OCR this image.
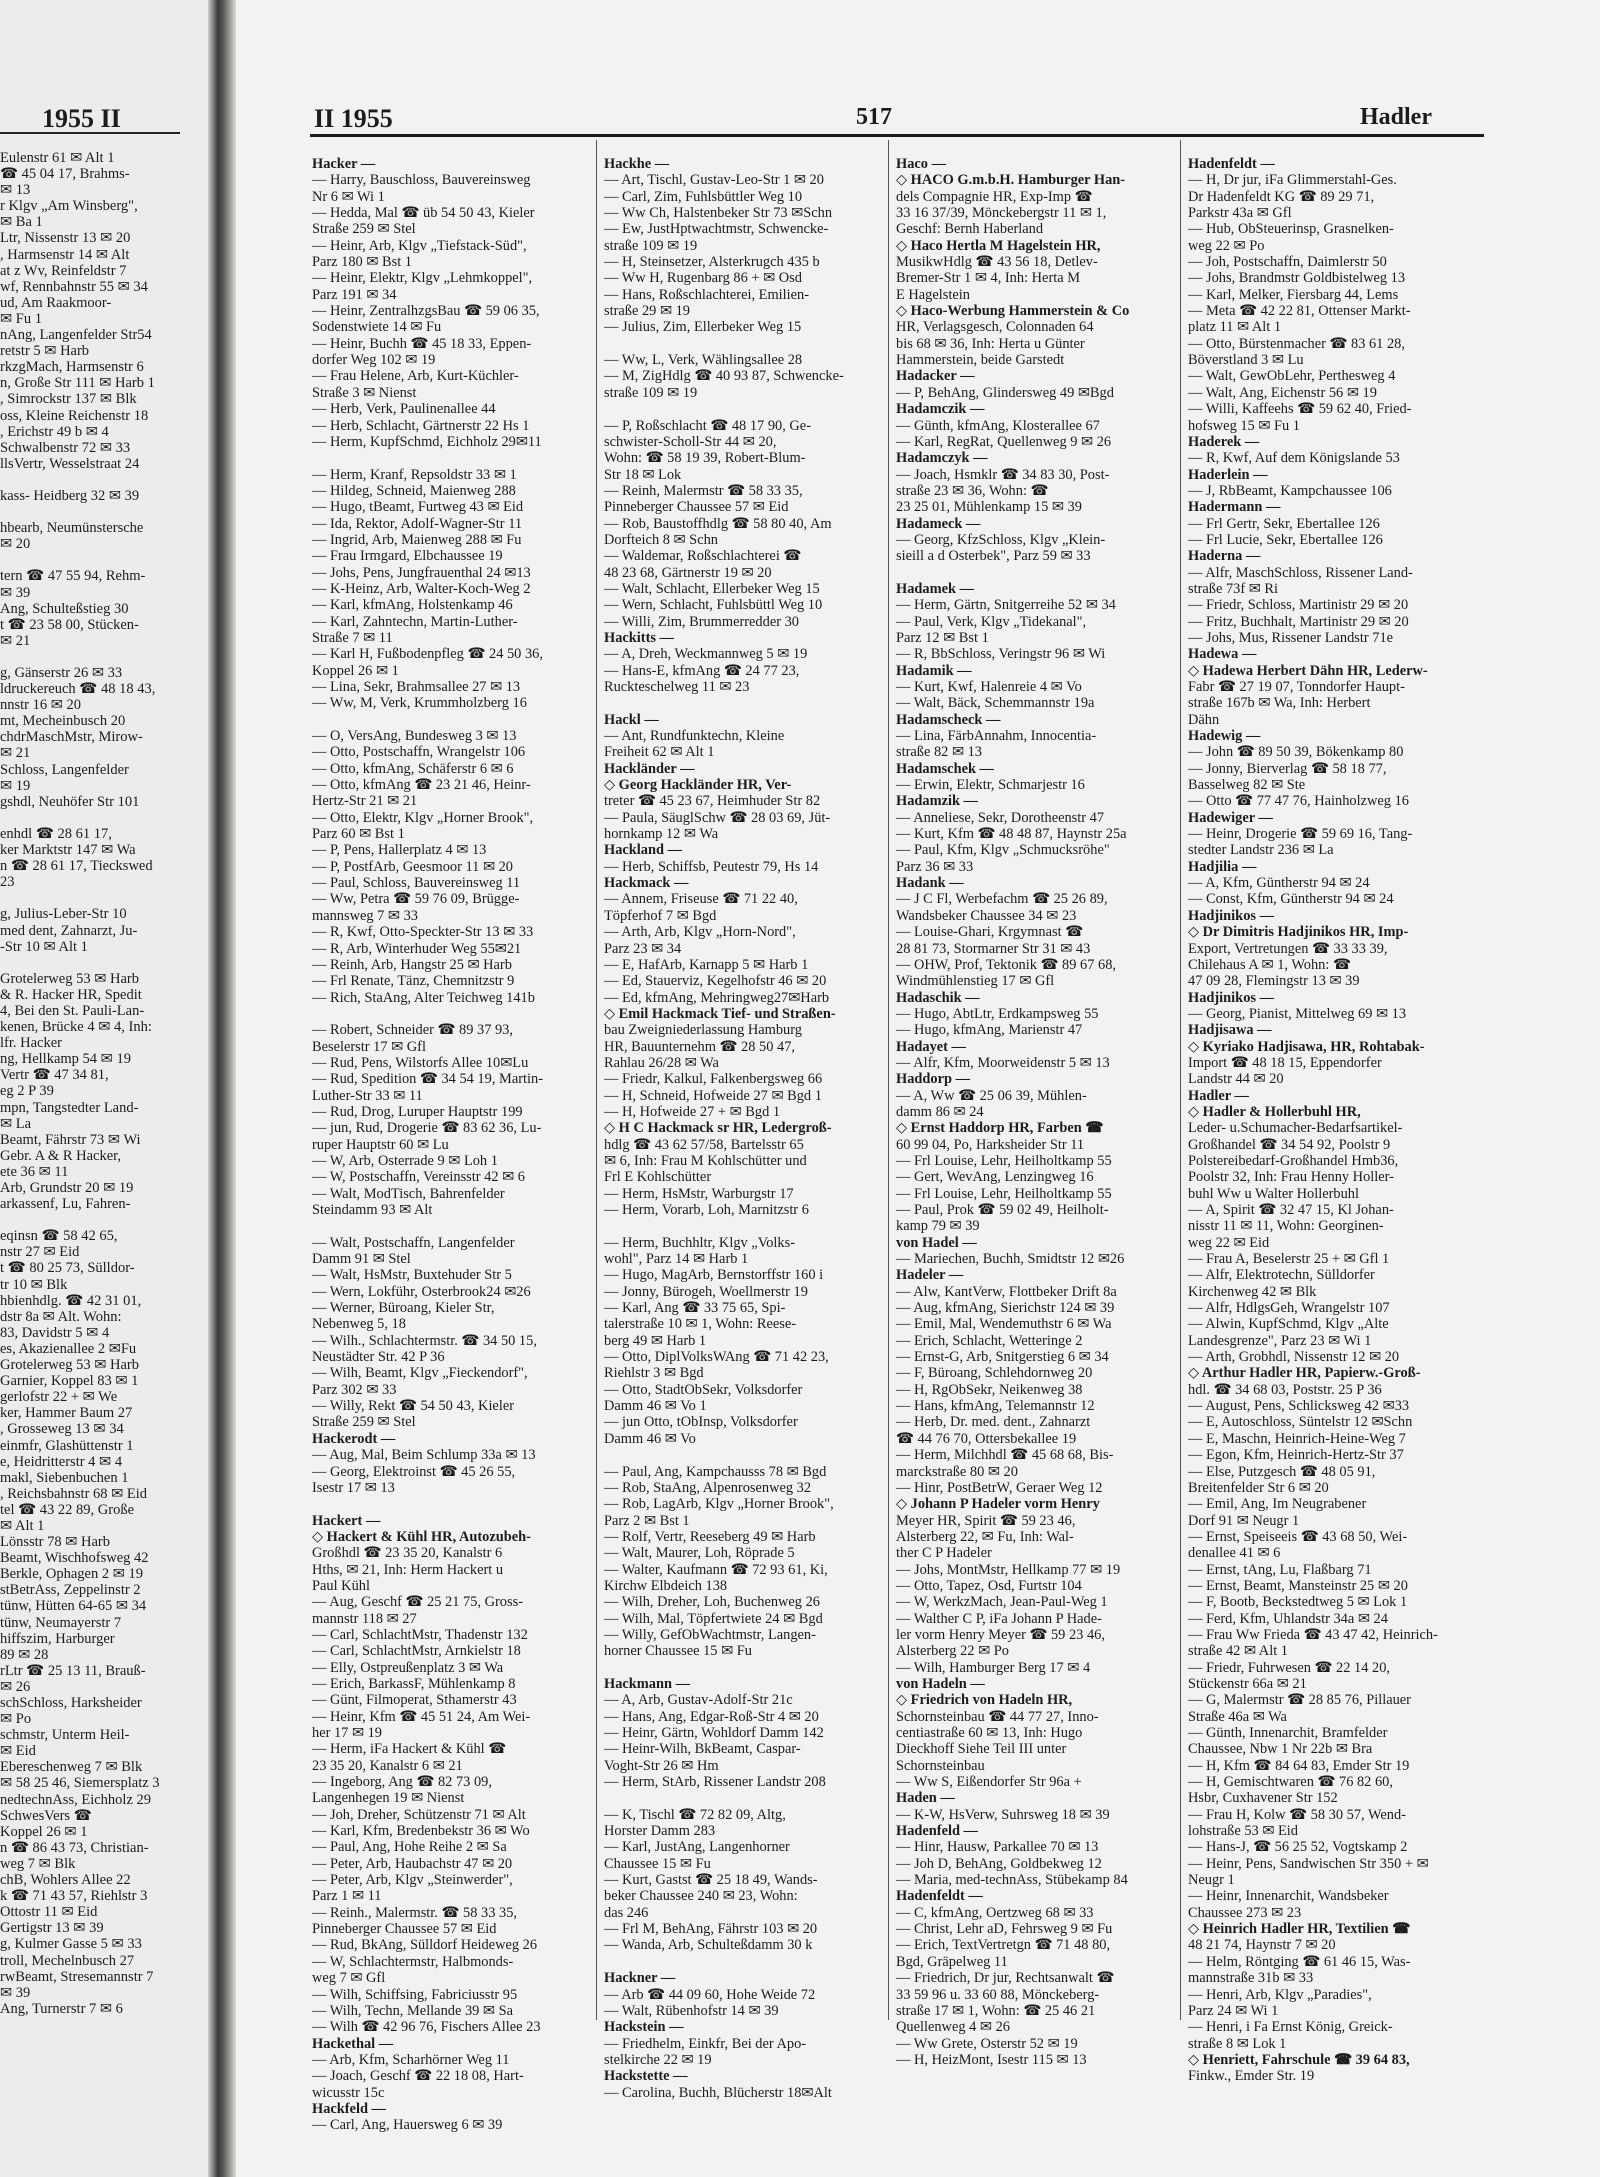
1955 II
Eulenstr 61 ✉ Alt 1
☎ 45 04 17, Brahms-
✉ 13
r Klgv „Am Winsberg",
✉ Ba 1
Ltr, Nissenstr 13 ✉ 20
, Harmsenstr 14 ✉ Alt
at z Wv, Reinfeldstr 7
wf, Rennbahnstr 55 ✉ 34
ud, Am Raakmoor-
✉ Fu 1
nAng, Langenfelder Str54
retstr 5 ✉ Harb
rkzgMach, Harmsenstr 6
n, Große Str 111 ✉ Harb 1
, Simrockstr 137 ✉ Blk
oss, Kleine Reichenstr 18
, Erichstr 49 b ✉ 4
Schwalbenstr 72 ✉ 33
llsVertr, Wesselstraat 24

kass- Heidberg 32 ✉ 39

hbearb, Neumünstersche
✉ 20

tern ☎ 47 55 94, Rehm-
✉ 39
Ang, Schulteßstieg 30
t ☎ 23 58 00, Stücken-
✉ 21

g, Gänserstr 26 ✉ 33
ldruckereuch ☎ 48 18 43,
nnstr 16 ✉ 20
mt, Mecheinbusch 20
chdrMaschMstr, Mirow-
✉ 21
Schloss, Langenfelder
✉ 19
gshdl, Neuhöfer Str 101

enhdl ☎ 28 61 17,
ker Marktstr 147 ✉ Wa
n ☎ 28 61 17, Tieckswed
23

g, Julius-Leber-Str 10
med dent, Zahnarzt, Ju-
-Str 10 ✉ Alt 1

Grotelerweg 53 ✉ Harb
& R. Hacker HR, Spedit
4, Bei den St. Pauli-Lan-
kenen, Brücke 4 ✉ 4, Inh:
lfr. Hacker
ng, Hellkamp 54 ✉ 19
Vertr ☎ 47 34 81,
eg 2 P 39
mpn, Tangstedter Land-
✉ La
Beamt, Fährstr 73 ✉ Wi
Gebr. A & R Hacker,
ete 36 ✉ 11
Arb, Grundstr 20 ✉ 19
arkassenf, Lu, Fahren-

eqinsn ☎ 58 42 65,
nstr 27 ✉ Eid
t ☎ 80 25 73, Sülldor-
tr 10 ✉ Blk
hbienhdlg. ☎ 42 31 01,
dstr 8a ✉ Alt. Wohn:
83, Davidstr 5 ✉ 4
es, Akazienallee 2 ✉Fu
Grotelerweg 53 ✉ Harb
Garnier, Koppel 83 ✉ 1
gerlofstr 22 + ✉ We
ker, Hammer Baum 27
, Grosseweg 13 ✉ 34
einmfr, Glashüttenstr 1
e, Heidritterstr 4 ✉ 4
makl, Siebenbuchen 1
, Reichsbahnstr 68 ✉ Eid
tel ☎ 43 22 89, Große
✉ Alt 1
Lönsstr 78 ✉ Harb
Beamt, Wischhofsweg 42
Berkle, Ophagen 2 ✉ 19
stBetrAss, Zeppelinstr 2
tünw, Hütten 64-65 ✉ 34
tünw, Neumayerstr 7
hiffszim, Harburger
89 ✉ 28
rLtr ☎ 25 13 11, Brauß-
✉ 26
schSchloss, Harksheider
✉ Po
schmstr, Unterm Heil-
✉ Eid
Ebereschenweg 7 ✉ Blk
✉ 58 25 46, Siemersplatz 3
nedtechnAss, Eichholz 29
SchwesVers ☎
Koppel 26 ✉ 1
n ☎ 86 43 73, Christian-
weg 7 ✉ Blk
chB, Wohlers Allee 22
k ☎ 71 43 57, Riehlstr 3
Ottostr 11 ✉ Eid
Gertigstr 13 ✉ 39
g, Kulmer Gasse 5 ✉ 33
troll, Mechelnbusch 27
rwBeamt, Stresemannstr 7
✉ 39
Ang, Turnerstr 7 ✉ 6
II 1955	517	Hadler
Hacker —
— Harry, Bauschloss, Bauvereinsweg
Nr 6 ✉ Wi 1
— Hedda, Mal ☎ üb 54 50 43, Kieler
Straße 259 ✉ Stel
— Heinr, Arb, Klgv „Tiefstack-Süd",
Parz 180 ✉ Bst 1
— Heinr, Elektr, Klgv „Lehmkoppel",
Parz 191 ✉ 34
— Heinr, ZentralhzgsBau ☎ 59 06 35,
Sodenstwiete 14 ✉ Fu
— Heinr, Buchh ☎ 45 18 33, Eppen-
dorfer Weg 102 ✉ 19
— Frau Helene, Arb, Kurt-Küchler-
Straße 3 ✉ Nienst
— Herb, Verk, Paulinenallee 44
— Herb, Schlacht, Gärtnerstr 22 Hs 1
— Herm, KupfSchmd, Eichholz 29✉11

— Herm, Kranf, Repsoldstr 33 ✉ 1
— Hildeg, Schneid, Maienweg 288
— Hugo, tBeamt, Furtweg 43 ✉ Eid
— Ida, Rektor, Adolf-Wagner-Str 11
— Ingrid, Arb, Maienweg 288 ✉ Fu
— Frau Irmgard, Elbchaussee 19
— Johs, Pens, Jungfrauenthal 24 ✉13
— K-Heinz, Arb, Walter-Koch-Weg 2
— Karl, kfmAng, Holstenkamp 46
— Karl, Zahntechn, Martin-Luther-
Straße 7 ✉ 11
— Karl H, Fußbodenpfleg ☎ 24 50 36,
Koppel 26 ✉ 1
— Lina, Sekr, Brahmsallee 27 ✉ 13
— Ww, M, Verk, Krummholzberg 16

— O, VersAng, Bundesweg 3 ✉ 13
— Otto, Postschaffn, Wrangelstr 106
— Otto, kfmAng, Schäferstr 6 ✉ 6
— Otto, kfmAng ☎ 23 21 46, Heinr-
Hertz-Str 21 ✉ 21
— Otto, Elektr, Klgv „Horner Brook",
Parz 60 ✉ Bst 1
— P, Pens, Hallerplatz 4 ✉ 13
— P, PostfArb, Geesmoor 11 ✉ 20
— Paul, Schloss, Bauvereinsweg 11
— Ww, Petra ☎ 59 76 09, Brügge-
mannsweg 7 ✉ 33
— R, Kwf, Otto-Speckter-Str 13 ✉ 33
— R, Arb, Winterhuder Weg 55✉21
— Reinh, Arb, Hangstr 25 ✉ Harb
— Frl Renate, Tänz, Chemnitzstr 9
— Rich, StaAng, Alter Teichweg 141b

— Robert, Schneider ☎ 89 37 93,
Beselerstr 17 ✉ Gfl
— Rud, Pens, Wilstorfs Allee 10✉Lu
— Rud, Spedition ☎ 34 54 19, Martin-
Luther-Str 33 ✉ 11
— Rud, Drog, Luruper Hauptstr 199
— jun, Rud, Drogerie ☎ 83 62 36, Lu-
ruper Hauptstr 60 ✉ Lu
— W, Arb, Osterrade 9 ✉ Loh 1
— W, Postschaffn, Vereinsstr 42 ✉ 6
— Walt, ModTisch, Bahrenfelder
Steindamm 93 ✉ Alt

— Walt, Postschaffn, Langenfelder
Damm 91 ✉ Stel
— Walt, HsMstr, Buxtehuder Str 5
— Wern, Lokführ, Osterbrook24 ✉26
— Werner, Büroang, Kieler Str,
Nebenweg 5, 18
— Wilh., Schlachtermstr. ☎ 34 50 15,
Neustädter Str. 42 P 36
— Wilh, Beamt, Klgv „Fieckendorf",
Parz 302 ✉ 33
— Willy, Rekt ☎ 54 50 43, Kieler
Straße 259 ✉ Stel
Hackerodt —
— Aug, Mal, Beim Schlump 33a ✉ 13
— Georg, Elektroinst ☎ 45 26 55,
Isestr 17 ✉ 13

Hackert —
◇ Hackert & Kühl HR, Autozubeh-
Großhdl ☎ 23 35 20, Kanalstr 6
Hths, ✉ 21, Inh: Herm Hackert u
Paul Kühl
— Aug, Geschf ☎ 25 21 75, Gross-
mannstr 118 ✉ 27
— Carl, SchlachtMstr, Thadenstr 132
— Carl, SchlachtMstr, Arnkielstr 18
— Elly, Ostpreußenplatz 3 ✉ Wa
— Erich, BarkassF, Mühlenkamp 8
— Günt, Filmoperat, Sthamerstr 43
— Heinr, Kfm ☎ 45 51 24, Am Wei-
her 17 ✉ 19
— Herm, iFa Hackert & Kühl ☎
23 35 20, Kanalstr 6 ✉ 21
— Ingeborg, Ang ☎ 82 73 09,
Langenhegen 19 ✉ Nienst
— Joh, Dreher, Schützenstr 71 ✉ Alt
— Karl, Kfm, Bredenbekstr 36 ✉ Wo
— Paul, Ang, Hohe Reihe 2 ✉ Sa
— Peter, Arb, Haubachstr 47 ✉ 20
— Peter, Arb, Klgv „Steinwerder",
Parz 1 ✉ 11
— Reinh., Malermstr. ☎ 58 33 35,
Pinneberger Chaussee 57 ✉ Eid
— Rud, BkAng, Sülldorf Heideweg 26
— W, Schlachtermstr, Halbmonds-
weg 7 ✉ Gfl
— Wilh, Schiffsing, Fabriciusstr 95
— Wilh, Techn, Mellande 39 ✉ Sa
— Wilh ☎ 42 96 76, Fischers Allee 23
Hackethal —
— Arb, Kfm, Scharhörner Weg 11
— Joach, Geschf ☎ 22 18 08, Hart-
wicusstr 15c
Hackfeld —
— Carl, Ang, Hauersweg 6 ✉ 39
Hackhe —
— Art, Tischl, Gustav-Leo-Str 1 ✉ 20
— Carl, Zim, Fuhlsbüttler Weg 10
— Ww Ch, Halstenbeker Str 73 ✉Schn
— Ew, JustHptwachtmstr, Schwencke-
straße 109 ✉ 19
— H, Steinsetzer, Alsterkrugch 435 b
— Ww H, Rugenbarg 86 + ✉ Osd
— Hans, Roßschlachterei, Emilien-
straße 29 ✉ 19
— Julius, Zim, Ellerbeker Weg 15

— Ww, L, Verk, Wählingsallee 28
— M, ZigHdlg ☎ 40 93 87, Schwencke-
straße 109 ✉ 19

— P, Roßschlacht ☎ 48 17 90, Ge-
schwister-Scholl-Str 44 ✉ 20,
Wohn: ☎ 58 19 39, Robert-Blum-
Str 18 ✉ Lok
— Reinh, Malermstr ☎ 58 33 35,
Pinneberger Chaussee 57 ✉ Eid
— Rob, Baustoffhdlg ☎ 58 80 40, Am
Dorfteich 8 ✉ Schn
— Waldemar, Roßschlachterei ☎
48 23 68, Gärtnerstr 19 ✉ 20
— Walt, Schlacht, Ellerbeker Weg 15
— Wern, Schlacht, Fuhlsbüttl Weg 10
— Willi, Zim, Brummerredder 30
Hackitts —
— A, Dreh, Weckmannweg 5 ✉ 19
— Hans-E, kfmAng ☎ 24 77 23,
Ruckteschelweg 11 ✉ 23

Hackl —
— Ant, Rundfunktechn, Kleine
Freiheit 62 ✉ Alt 1
Hackländer —
◇ Georg Hackländer HR, Ver-
treter ☎ 45 23 67, Heimhuder Str 82
— Paula, SäuglSchw ☎ 28 03 69, Jüt-
hornkamp 12 ✉ Wa
Hackland —
— Herb, Schiffsb, Peutestr 79, Hs 14
Hackmack —
— Annem, Friseuse ☎ 71 22 40,
Töpferhof 7 ✉ Bgd
— Arth, Arb, Klgv „Horn-Nord",
Parz 23 ✉ 34
— E, HafArb, Karnapp 5 ✉ Harb 1
— Ed, Stauerviz, Kegelhofstr 46 ✉ 20
— Ed, kfmAng, Mehringweg27✉Harb
◇ Emil Hackmack Tief- und Straßen-
bau Zweigniederlassung Hamburg
HR, Bauunternehm ☎ 28 50 47,
Rahlau 26/28 ✉ Wa
— Friedr, Kalkul, Falkenbergsweg 66
— H, Schneid, Hofweide 27 ✉ Bgd 1
— H, Hofweide 27 + ✉ Bgd 1
◇ H C Hackmack sr HR, Ledergroß-
hdlg ☎ 43 62 57/58, Bartelsstr 65
✉ 6, Inh: Frau M Kohlschütter und
Frl E Kohlschütter
— Herm, HsMstr, Warburgstr 17
— Herm, Vorarb, Loh, Marnitzstr 6

— Herm, Buchhltr, Klgv „Volks-
wohl", Parz 14 ✉ Harb 1
— Hugo, MagArb, Bernstorffstr 160 i
— Jonny, Bürogeh, Woellmerstr 19
— Karl, Ang ☎ 33 75 65, Spi-
talerstraße 10 ✉ 1, Wohn: Reese-
berg 49 ✉ Harb 1
— Otto, DiplVolksWAng ☎ 71 42 23,
Riehlstr 3 ✉ Bgd
— Otto, StadtObSekr, Volksdorfer
Damm 46 ✉ Vo 1
— jun Otto, tObInsp, Volksdorfer
Damm 46 ✉ Vo

— Paul, Ang, Kampchausss 78 ✉ Bgd
— Rob, StaAng, Alpenrosenweg 32
— Rob, LagArb, Klgv „Horner Brook",
Parz 2 ✉ Bst 1
— Rolf, Vertr, Reeseberg 49 ✉ Harb
— Walt, Maurer, Loh, Röprade 5
— Walter, Kaufmann ☎ 72 93 61, Ki,
Kirchw Elbdeich 138
— Wilh, Dreher, Loh, Buchenweg 26
— Wilh, Mal, Töpfertwiete 24 ✉ Bgd
— Willy, GefObWachtmstr, Langen-
horner Chaussee 15 ✉ Fu

Hackmann —
— A, Arb, Gustav-Adolf-Str 21c
— Hans, Ang, Edgar-Roß-Str 4 ✉ 20
— Heinr, Gärtn, Wohldorf Damm 142
— Heinr-Wilh, BkBeamt, Caspar-
Voght-Str 26 ✉ Hm
— Herm, StArb, Rissener Landstr 208

— K, Tischl ☎ 72 82 09, Altg,
Horster Damm 283
— Karl, JustAng, Langenhorner
Chaussee 15 ✉ Fu
— Kurt, Gastst ☎ 25 18 49, Wands-
beker Chaussee 240 ✉ 23, Wohn:
das 246
— Frl M, BehAng, Fährstr 103 ✉ 20
— Wanda, Arb, Schulteßdamm 30 k

Hackner —
— Arb ☎ 44 09 60, Hohe Weide 72
— Walt, Rübenhofstr 14 ✉ 39
Hackstein —
— Friedhelm, Einkfr, Bei der Apo-
stelkirche 22 ✉ 19
Hackstette —
— Carolina, Buchh, Blücherstr 18✉Alt
Haco —
◇ HACO G.m.b.H. Hamburger Han-
dels Compagnie HR, Exp-Imp ☎
33 16 37/39, Mönckebergstr 11 ✉ 1,
Geschf: Bernh Haberland
◇ Haco Hertla M Hagelstein HR,
MusikwHdlg ☎ 43 56 18, Detlev-
Bremer-Str 1 ✉ 4, Inh: Herta M
E Hagelstein
◇ Haco-Werbung Hammerstein & Co
HR, Verlagsgesch, Colonnaden 64
bis 68 ✉ 36, Inh: Herta u Günter
Hammerstein, beide Garstedt
Hadacker —
— P, BehAng, Glindersweg 49 ✉Bgd
Hadamczik —
— Günth, kfmAng, Klosterallee 67
— Karl, RegRat, Quellenweg 9 ✉ 26
Hadamczyk —
— Joach, Hsmklr ☎ 34 83 30, Post-
straße 23 ✉ 36, Wohn: ☎
23 25 01, Mühlenkamp 15 ✉ 39
Hadameck —
— Georg, KfzSchloss, Klgv „Klein-
sieill a d Osterbek", Parz 59 ✉ 33

Hadamek —
— Herm, Gärtn, Snitgerreihe 52 ✉ 34
— Paul, Verk, Klgv „Tidekanal",
Parz 12 ✉ Bst 1
— R, BbSchloss, Veringstr 96 ✉ Wi
Hadamik —
— Kurt, Kwf, Halenreie 4 ✉ Vo
— Walt, Bäck, Schemmannstr 19a
Hadamscheck —
— Lina, FärbAnnahm, Innocentia-
straße 82 ✉ 13
Hadamschek —
— Erwin, Elektr, Schmarjestr 16
Hadamzik —
— Anneliese, Sekr, Dorotheenstr 47
— Kurt, Kfm ☎ 48 48 87, Haynstr 25a
— Paul, Kfm, Klgv „Schmucksröhe"
Parz 36 ✉ 33
Hadank —
— J C Fl, Werbefachm ☎ 25 26 89,
Wandsbeker Chaussee 34 ✉ 23
— Louise-Ghari, Krgymnast ☎
28 81 73, Stormarner Str 31 ✉ 43
— OHW, Prof, Tektonik ☎ 89 67 68,
Windmühlenstieg 17 ✉ Gfl
Hadaschik —
— Hugo, AbtLtr, Erdkampsweg 55
— Hugo, kfmAng, Marienstr 47
Hadayet —
— Alfr, Kfm, Moorweidenstr 5 ✉ 13
Haddorp —
— A, Ww ☎ 25 06 39, Mühlen-
damm 86 ✉ 24
◇ Ernst Haddorp HR, Farben ☎
60 99 04, Po, Harksheider Str 11
— Frl Louise, Lehr, Heilholtkamp 55
— Gert, WevAng, Lenzingweg 16
— Frl Louise, Lehr, Heilholtkamp 55
— Paul, Prok ☎ 59 02 49, Heilholt-
kamp 79 ✉ 39
von Hadel —
— Mariechen, Buchh, Smidtstr 12 ✉26
Hadeler —
— Alw, KantVerw, Flottbeker Drift 8a
— Aug, kfmAng, Sierichstr 124 ✉ 39
— Emil, Mal, Wendemuthstr 6 ✉ Wa
— Erich, Schlacht, Wetteringe 2
— Ernst-G, Arb, Snitgerstieg 6 ✉ 34
— F, Büroang, Schlehdornweg 20
— H, RgObSekr, Neikenweg 38
— Hans, kfmAng, Telemannstr 12
— Herb, Dr. med. dent., Zahnarzt
☎ 44 76 70, Ottersbekallee 19
— Herm, Milchhdl ☎ 45 68 68, Bis-
marckstraße 80 ✉ 20
— Hinr, PostBetrW, Geraer Weg 12
◇ Johann P Hadeler vorm Henry
Meyer HR, Spirit ☎ 59 23 46,
Alsterberg 22, ✉ Fu, Inh: Wal-
ther C P Hadeler
— Johs, MontMstr, Hellkamp 77 ✉ 19
— Otto, Tapez, Osd, Furtstr 104
— W, WerkzMach, Jean-Paul-Weg 1
— Walther C P, iFa Johann P Hade-
ler vorm Henry Meyer ☎ 59 23 46,
Alsterberg 22 ✉ Po
— Wilh, Hamburger Berg 17 ✉ 4
von Hadeln —
◇ Friedrich von Hadeln HR,
Schornsteinbau ☎ 44 77 27, Inno-
centiastraße 60 ✉ 13, Inh: Hugo
Dieckhoff Siehe Teil III unter
Schornsteinbau
— Ww S, Eißendorfer Str 96a +
Haden —
— K-W, HsVerw, Suhrsweg 18 ✉ 39
Hadenfeld —
— Hinr, Hausw, Parkallee 70 ✉ 13
— Joh D, BehAng, Goldbekweg 12
— Maria, med-technAss, Stübekamp 84
Hadenfeldt —
— C, kfmAng, Oertzweg 68 ✉ 33
— Christ, Lehr aD, Fehrsweg 9 ✉ Fu
— Erich, TextVertretgn ☎ 71 48 80,
Bgd, Gräpelweg 11
— Friedrich, Dr jur, Rechtsanwalt ☎
33 59 96 u. 33 60 88, Mönckeberg-
straße 17 ✉ 1, Wohn: ☎ 25 46 21
Quellenweg 4 ✉ 26
— Ww Grete, Osterstr 52 ✉ 19
— H, HeizMont, Isestr 115 ✉ 13
Hadenfeldt —
— H, Dr jur, iFa Glimmerstahl-Ges.
Dr Hadenfeldt KG ☎ 89 29 71,
Parkstr 43a ✉ Gfl
— Hub, ObSteuerinsp, Grasnelken-
weg 22 ✉ Po
— Joh, Postschaffn, Daimlerstr 50
— Johs, Brandmstr Goldbistelweg 13
— Karl, Melker, Fiersbarg 44, Lems
— Meta ☎ 42 22 81, Ottenser Markt-
platz 11 ✉ Alt 1
— Otto, Bürstenmacher ☎ 83 61 28,
Böverstland 3 ✉ Lu
— Walt, GewObLehr, Perthesweg 4
— Walt, Ang, Eichenstr 56 ✉ 19
— Willi, Kaffeehs ☎ 59 62 40, Fried-
hofsweg 15 ✉ Fu 1
Haderek —
— R, Kwf, Auf dem Königslande 53
Haderlein —
— J, RbBeamt, Kampchaussee 106
Hadermann —
— Frl Gertr, Sekr, Ebertallee 126
— Frl Lucie, Sekr, Ebertallee 126
Haderna —
— Alfr, MaschSchloss, Rissener Land-
straße 73f ✉ Ri
— Friedr, Schloss, Martinistr 29 ✉ 20
— Fritz, Buchhalt, Martinistr 29 ✉ 20
— Johs, Mus, Rissener Landstr 71e
Hadewa —
◇ Hadewa Herbert Dähn HR, Lederw-
Fabr ☎ 27 19 07, Tonndorfer Haupt-
straße 167b ✉ Wa, Inh: Herbert
Dähn
Hadewig —
— John ☎ 89 50 39, Bökenkamp 80
— Jonny, Bierverlag ☎ 58 18 77,
Basselweg 82 ✉ Ste
— Otto ☎ 77 47 76, Hainholzweg 16
Hadewiger —
— Heinr, Drogerie ☎ 59 69 16, Tang-
stedter Landstr 236 ✉ La
Hadjilia —
— A, Kfm, Güntherstr 94 ✉ 24
— Const, Kfm, Güntherstr 94 ✉ 24
Hadjinikos —
◇ Dr Dimitris Hadjinikos HR, Imp-
Export, Vertretungen ☎ 33 33 39,
Chilehaus A ✉ 1, Wohn: ☎
47 09 28, Flemingstr 13 ✉ 39
Hadjinikos —
— Georg, Pianist, Mittelweg 69 ✉ 13
Hadjisawa —
◇ Kyriako Hadjisawa, HR, Rohtabak-
Import ☎ 48 18 15, Eppendorfer
Landstr 44 ✉ 20
Hadler —
◇ Hadler & Hollerbuhl HR,
Leder- u.Schumacher-Bedarfsartikel-
Großhandel ☎ 34 54 92, Poolstr 9
Polstereibedarf-Großhandel Hmb36,
Poolstr 32, Inh: Frau Henny Holler-
buhl Ww u Walter Hollerbuhl
— A, Spirit ☎ 32 47 15, Kl Johan-
nisstr 11 ✉ 11, Wohn: Georginen-
weg 22 ✉ Eid
— Frau A, Beselerstr 25 + ✉ Gfl 1
— Alfr, Elektrotechn, Sülldorfer
Kirchenweg 42 ✉ Blk
— Alfr, HdlgsGeh, Wrangelstr 107
— Alwin, KupfSchmd, Klgv „Alte
Landesgrenze", Parz 23 ✉ Wi 1
— Arth, Grobhdl, Nissenstr 12 ✉ 20
◇ Arthur Hadler HR, Papierw.-Groß-
hdl. ☎ 34 68 03, Poststr. 25 P 36
— August, Pens, Schlicksweg 42 ✉33
— E, Autoschloss, Süntelstr 12 ✉Schn
— E, Maschn, Heinrich-Heine-Weg 7
— Egon, Kfm, Heinrich-Hertz-Str 37
— Else, Putzgesch ☎ 48 05 91,
Breitenfelder Str 6 ✉ 20
— Emil, Ang, Im Neugrabener
Dorf 91 ✉ Neugr 1
— Ernst, Speiseeis ☎ 43 68 50, Wei-
denallee 41 ✉ 6
— Ernst, tAng, Lu, Flaßbarg 71
— Ernst, Beamt, Mansteinstr 25 ✉ 20
— F, Bootb, Beckstedtweg 5 ✉ Lok 1
— Ferd, Kfm, Uhlandstr 34a ✉ 24
— Frau Ww Frieda ☎ 43 47 42, Heinrich-
straße 42 ✉ Alt 1
— Friedr, Fuhrwesen ☎ 22 14 20,
Stückenstr 66a ✉ 21
— G, Malermstr ☎ 28 85 76, Pillauer
Straße 46a ✉ Wa
— Günth, Innenarchit, Bramfelder
Chaussee, Nbw 1 Nr 22b ✉ Bra
— H, Kfm ☎ 84 64 83, Emder Str 19
— H, Gemischtwaren ☎ 76 82 60,
Hsbr, Cuxhavener Str 152
— Frau H, Kolw ☎ 58 30 57, Wend-
lohstraße 53 ✉ Eid
— Hans-J, ☎ 56 25 52, Vogtskamp 2
— Heinr, Pens, Sandwischen Str 350 + ✉
Neugr 1
— Heinr, Innenarchit, Wandsbeker
Chaussee 273 ✉ 23
◇ Heinrich Hadler HR, Textilien ☎
48 21 74, Haynstr 7 ✉ 20
— Helm, Röntging ☎ 61 46 15, Was-
mannstraße 31b ✉ 33
— Henri, Arb, Klgv „Paradies",
Parz 24 ✉ Wi 1
— Henri, i Fa Ernst König, Greick-
straße 8 ✉ Lok 1
◇ Henriett, Fahrschule ☎ 39 64 83,
Finkw., Emder Str. 19
